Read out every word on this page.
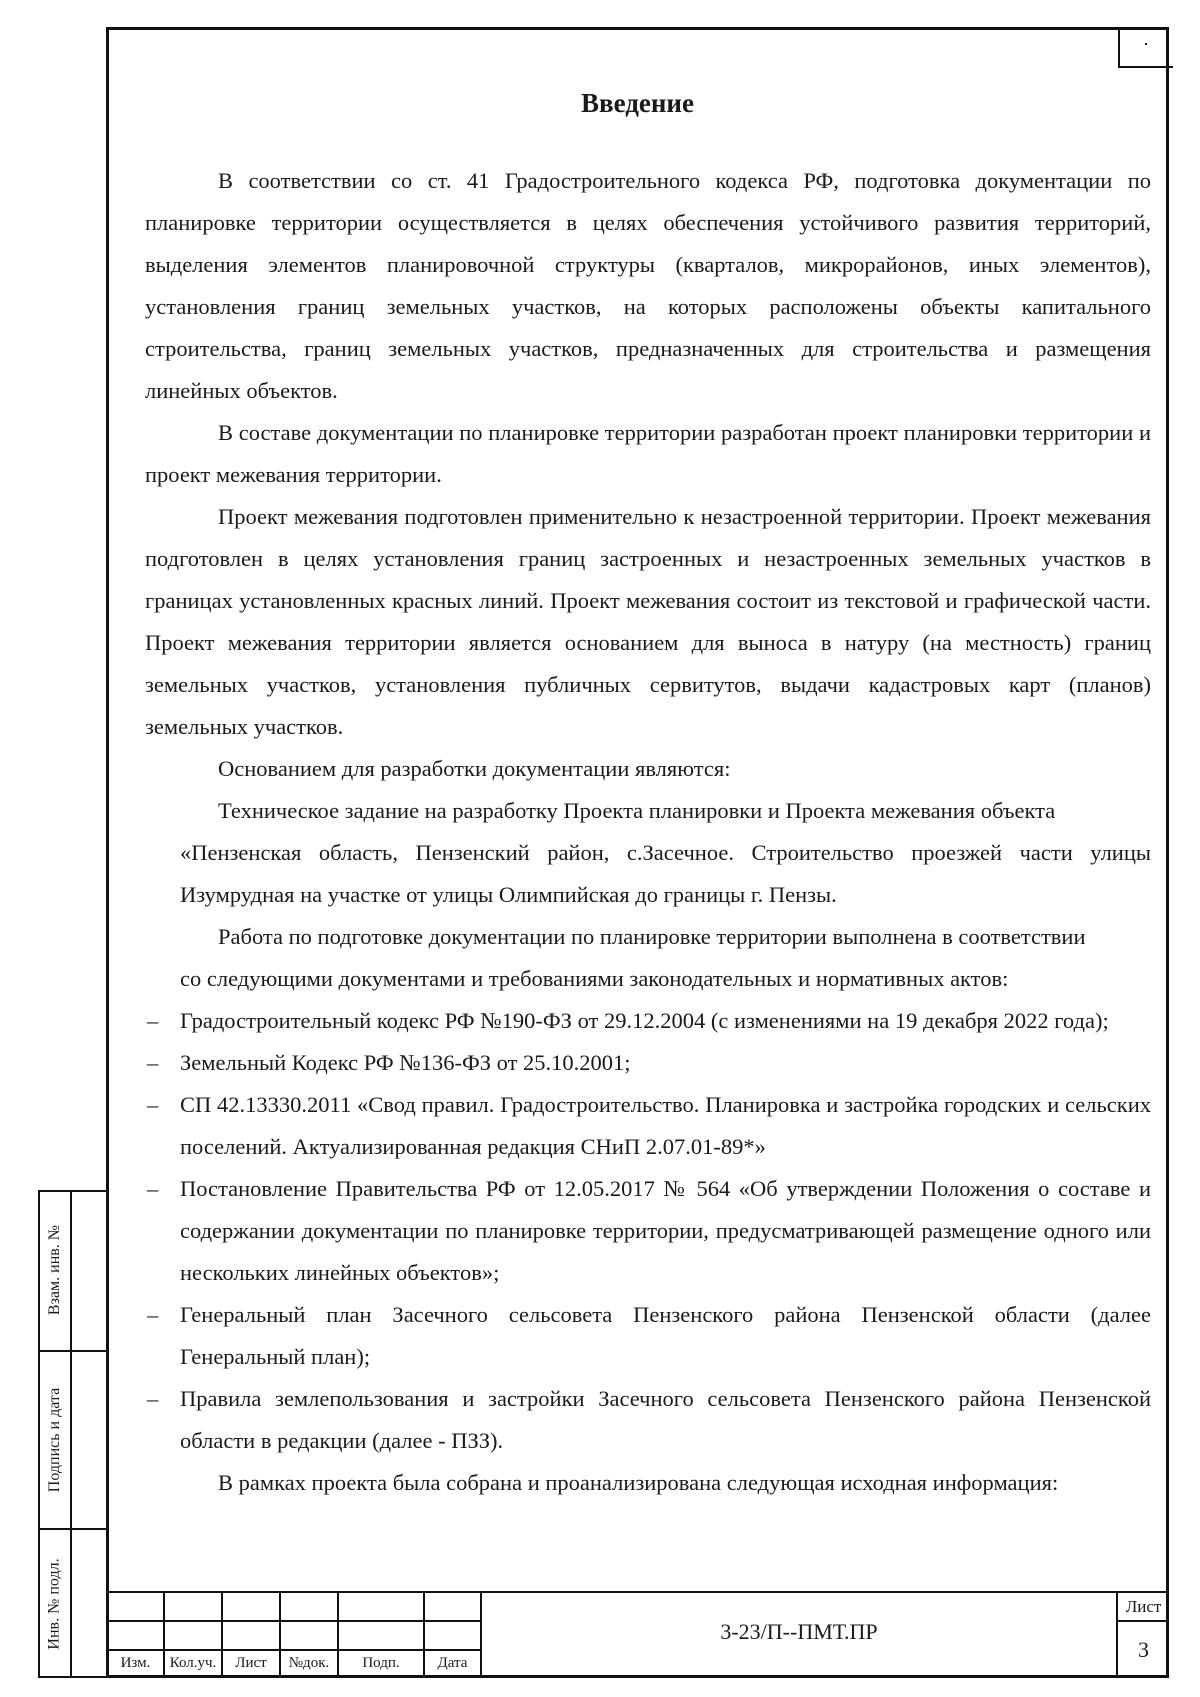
Введение

В соответствии со ст. 41 Градостроительного кодекса РФ, подготовка документации по планировке территории осуществляется в целях обеспечения устойчивого развития территорий, выделения элементов планировочной структуры (кварталов, микрорайонов, иных элементов), установления границ земельных участков, на которых расположены объекты капитального строительства, границ земельных участков, предназначенных для строительства и размещения линейных объектов.

В составе документации по планировке территории разработан проект планировки территории и проект межевания территории.

Проект межевания подготовлен применительно к незастроенной территории. Проект межевания подготовлен в целях установления границ застроенных и незастроенных земельных участков в границах установленных красных линий. Проект межевания состоит из текстовой и графической части. Проект межевания территории является основанием для выноса в натуру (на местность) границ земельных участков, установления публичных сервитутов, выдачи кадастровых карт (планов) земельных участков.

Основанием для разработки документации являются:

Техническое задание на разработку Проекта планировки и Проекта межевания объекта

«Пензенская область, Пензенский район, с.Засечное. Строительство проезжей части улицы Изумрудная на участке от улицы Олимпийская до границы г. Пензы.

Работа по подготовке документации по планировке территории выполнена в соответствии

со следующими документами и требованиями законодательных и нормативных актов:

– Градостроительный кодекс РФ №190-ФЗ от 29.12.2004 (с изменениями на 19 декабря 2022 года);

– Земельный Кодекс РФ №136-ФЗ от 25.10.2001;

– СП 42.13330.2011 «Свод правил. Градостроительство. Планировка и застройка городских и сельских поселений. Актуализированная редакция СНиП 2.07.01-89*»

– Постановление Правительства РФ от 12.05.2017 № 564 «Об утверждении Положения о составе и содержании документации по планировке территории, предусматривающей размещение одного или нескольких линейных объектов»;

– Генеральный план Засечного сельсовета Пензенского района Пензенской области (далее Генеральный план);

– Правила землепользования и застройки Засечного сельсовета Пензенского района Пензенской области в редакции (далее - ПЗЗ).

В рамках проекта была собрана и проанализирована следующая исходная информация:

Взам. инв. №
Подпись и дата
Инв. № подл.
Изм.	Кол.уч.	Лист	№док.	Подп.	Дата
3-23/П--ПМТ.ПР
Лист
3
